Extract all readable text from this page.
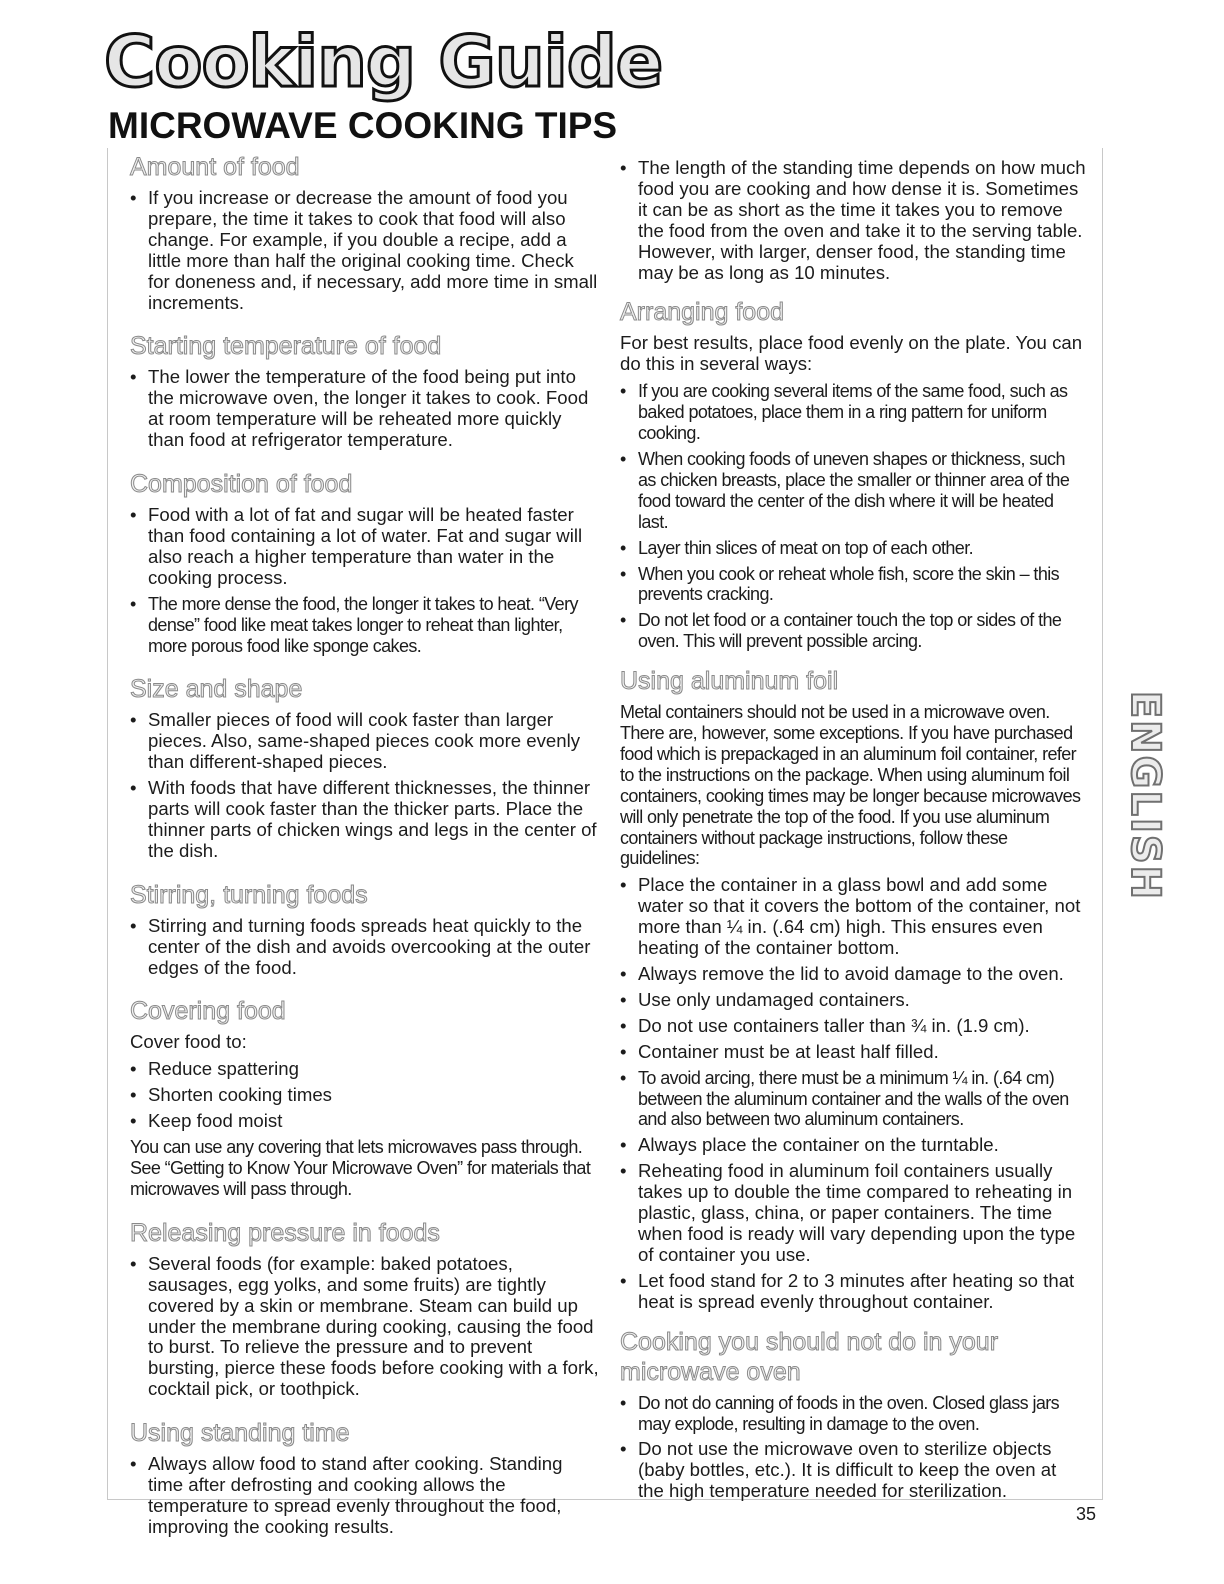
Cooking Guide
MICROWAVE COOKING TIPS
Amount of food
• If you increase or decrease the amount of food you prepare, the time it takes to cook that food will also change. For example, if you double a recipe, add a little more than half the original cooking time. Check for doneness and, if necessary, add more time in small increments.
Starting temperature of food
• The lower the temperature of the food being put into the microwave oven, the longer it takes to cook. Food at room temperature will be reheated more quickly than food at refrigerator temperature.
Composition of food
• Food with a lot of fat and sugar will be heated faster than food containing a lot of water. Fat and sugar will also reach a higher temperature than water in the cooking process.
• The more dense the food, the longer it takes to heat. “Very dense” food like meat takes longer to reheat than lighter, more porous food like sponge cakes.
Size and shape
• Smaller pieces of food will cook faster than larger pieces. Also, same-shaped pieces cook more evenly than different-shaped pieces.
• With foods that have different thicknesses, the thinner parts will cook faster than the thicker parts. Place the thinner parts of chicken wings and legs in the center of the dish.
Stirring, turning foods
• Stirring and turning foods spreads heat quickly to the center of the dish and avoids overcooking at the outer edges of the food.
Covering food

Cover food to:

• Reduce spattering
• Shorten cooking times
• Keep food moist

You can use any covering that lets microwaves pass through. See “Getting to Know Your Microwave Oven” for materials that microwaves will pass through.

Releasing pressure in foods
• Several foods (for example: baked potatoes, sausages, egg yolks, and some fruits) are tightly covered by a skin or membrane. Steam can build up under the membrane during cooking, causing the food to burst. To relieve the pressure and to prevent bursting, pierce these foods before cooking with a fork, cocktail pick, or toothpick.
Using standing time
• Always allow food to stand after cooking. Standing time after defrosting and cooking allows the temperature to spread evenly throughout the food, improving the cooking results.
• The length of the standing time depends on how much food you are cooking and how dense it is. Sometimes it can be as short as the time it takes you to remove the food from the oven and take it to the serving table. However, with larger, denser food, the standing time may be as long as 10 minutes.
Arranging food

For best results, place food evenly on the plate. You can do this in several ways:

• If you are cooking several items of the same food, such as baked potatoes, place them in a ring pattern for uniform cooking.
• When cooking foods of uneven shapes or thickness, such as chicken breasts, place the smaller or thinner area of the food toward the center of the dish where it will be heated last.
• Layer thin slices of meat on top of each other.
• When you cook or reheat whole fish, score the skin – this prevents cracking.
• Do not let food or a container touch the top or sides of the oven. This will prevent possible arcing.
Using aluminum foil

Metal containers should not be used in a microwave oven. There are, however, some exceptions. If you have purchased food which is prepackaged in an aluminum foil container, refer to the instructions on the package. When using aluminum foil containers, cooking times may be longer because microwaves will only penetrate the top of the food. If you use aluminum containers without package instructions, follow these guidelines:

• Place the container in a glass bowl and add some water so that it covers the bottom of the container, not more than ¼ in. (.64 cm) high. This ensures even heating of the container bottom.
• Always remove the lid to avoid damage to the oven.
• Use only undamaged containers.
• Do not use containers taller than ¾ in. (1.9 cm).
• Container must be at least half filled.
• To avoid arcing, there must be a minimum ¼ in. (.64 cm) between the aluminum container and the walls of the oven and also between two aluminum containers.
• Always place the container on the turntable.
• Reheating food in aluminum foil containers usually takes up to double the time compared to reheating in plastic, glass, china, or paper containers. The time when food is ready will vary depending upon the type of container you use.
• Let food stand for 2 to 3 minutes after heating so that heat is spread evenly throughout container.
Cooking you should not do in your microwave oven
• Do not do canning of foods in the oven. Closed glass jars may explode, resulting in damage to the oven.
• Do not use the microwave oven to sterilize objects (baby bottles, etc.). It is difficult to keep the oven at the high temperature needed for sterilization.
ENGLISH
35
